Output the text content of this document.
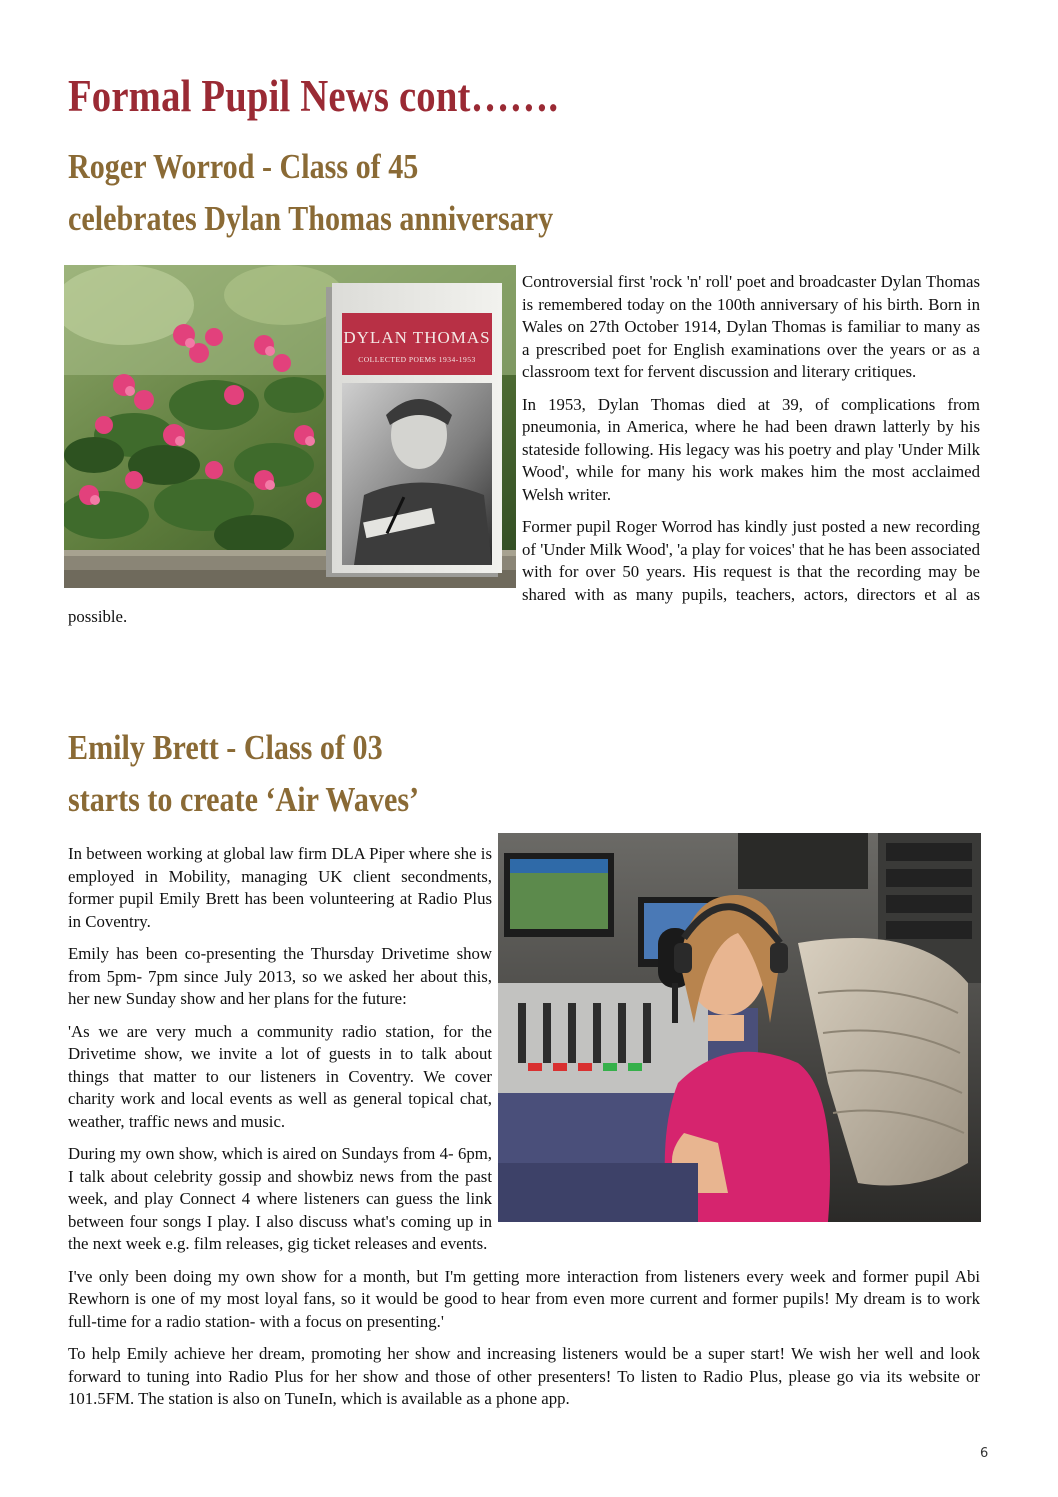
Formal Pupil News cont…….
Roger Worrod - Class of 45
celebrates Dylan Thomas anniversary
DYLAN THOMAS
COLLECTED POEMS 1934-1953

Controversial first 'rock 'n' roll' poet and broadcaster Dylan Thomas is remembered today on the 100th anniversary of his birth. Born in Wales on 27th October 1914, Dylan Thomas is familiar to many as a prescribed poet for English examinations over the years or as a classroom text for fervent discussion and literary critiques.

In 1953, Dylan Thomas died at 39, of complications from pneumonia, in America, where he had been drawn latterly by his stateside following. His legacy was his poetry and play 'Under Milk Wood', while for many his work makes him the most acclaimed Welsh writer.

Former pupil Roger Worrod has kindly just posted a new recording of 'Under Milk Wood', 'a play for voices' that he has been associated with for over 50 years. His request is that the recording may be shared with as many pupils, teachers, actors, directors et al as possible.

Emily Brett - Class of 03
starts to create ‘Air Waves’

In between working at global law firm DLA Piper where she is employed in Mobility, managing UK client secondments, former pupil Emily Brett has been volunteering at Radio Plus in Coventry.

Emily has been co-presenting the Thursday Drivetime show from 5pm- 7pm since July 2013, so we asked her about this, her new Sunday show and her plans for the future:

'As we are very much a community radio station, for the Drivetime show, we invite a lot of guests in to talk about things that matter to our listeners in Coventry. We cover charity work and local events as well as general topical chat, weather, traffic news and music.

During my own show, which is aired on Sundays from 4- 6pm, I talk about celebrity gossip and showbiz news from the past week, and play Connect 4 where listeners can guess the link between four songs I play. I also discuss what's coming up in the next week e.g. film releases, gig ticket releases and events.

I've only been doing my own show for a month, but I'm getting more interaction from listeners every week and former pupil Abi Rewhorn is one of my most loyal fans, so it would be good to hear from even more current and former pupils! My dream is to work full-time for a radio station- with a focus on presenting.'

To help Emily achieve her dream, promoting her show and increasing listeners would be a super start! We wish her well and look forward to tuning into Radio Plus for her show and those of other presenters! To listen to Radio Plus, please go via its website or 101.5FM. The station is also on TuneIn, which is available as a phone app.

6
